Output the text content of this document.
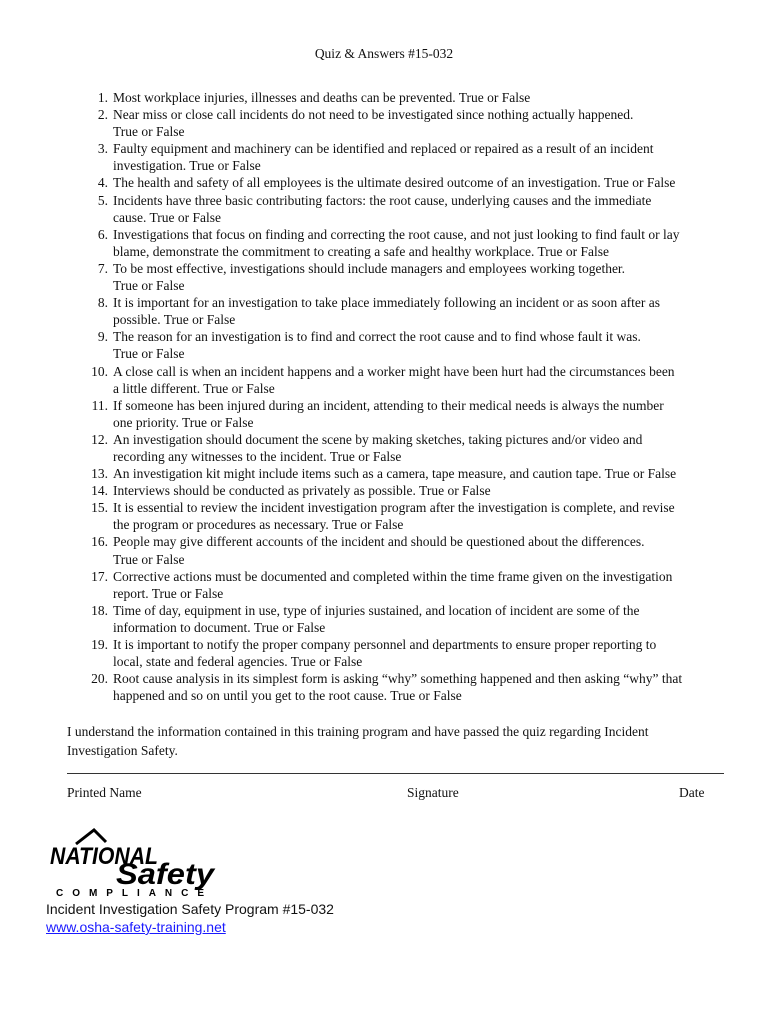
Quiz & Answers #15-032
1. Most workplace injuries, illnesses and deaths can be prevented. True or False
2. Near miss or close call incidents do not need to be investigated since nothing actually happened.
True or False
3. Faulty equipment and machinery can be identified and replaced or repaired as a result of an incident
investigation. True or False
4. The health and safety of all employees is the ultimate desired outcome of an investigation. True or False
5. Incidents have three basic contributing factors: the root cause, underlying causes and the immediate
cause. True or False
6. Investigations that focus on finding and correcting the root cause, and not just looking to find fault or lay
blame, demonstrate the commitment to creating a safe and healthy workplace. True or False
7. To be most effective, investigations should include managers and employees working together.
True or False
8. It is important for an investigation to take place immediately following an incident or as soon after as
possible. True or False
9. The reason for an investigation is to find and correct the root cause and to find whose fault it was.
True or False
10. A close call is when an incident happens and a worker might have been hurt had the circumstances been
a little different. True or False
11. If someone has been injured during an incident, attending to their medical needs is always the number
one priority. True or False
12. An investigation should document the scene by making sketches, taking pictures and/or video and
recording any witnesses to the incident. True or False
13. An investigation kit might include items such as a camera, tape measure, and caution tape. True or False
14. Interviews should be conducted as privately as possible. True or False
15. It is essential to review the incident investigation program after the investigation is complete, and revise
the program or procedures as necessary. True or False
16. People may give different accounts of the incident and should be questioned about the differences.
True or False
17. Corrective actions must be documented and completed within the time frame given on the investigation
report. True or False
18. Time of day, equipment in use, type of injuries sustained, and location of incident are some of the
information to document. True or False
19. It is important to notify the proper company personnel and departments to ensure proper reporting to
local, state and federal agencies. True or False
20. Root cause analysis in its simplest form is asking “why” something happened and then asking “why” that
happened and so on until you get to the root cause. True or False
I understand the information contained in this training program and have passed the quiz regarding Incident
Investigation Safety.
Printed Name	Signature	Date
NATIONAL
Safety
COMPLIANCE
Incident Investigation Safety Program #15-032
www.osha-safety-training.net
